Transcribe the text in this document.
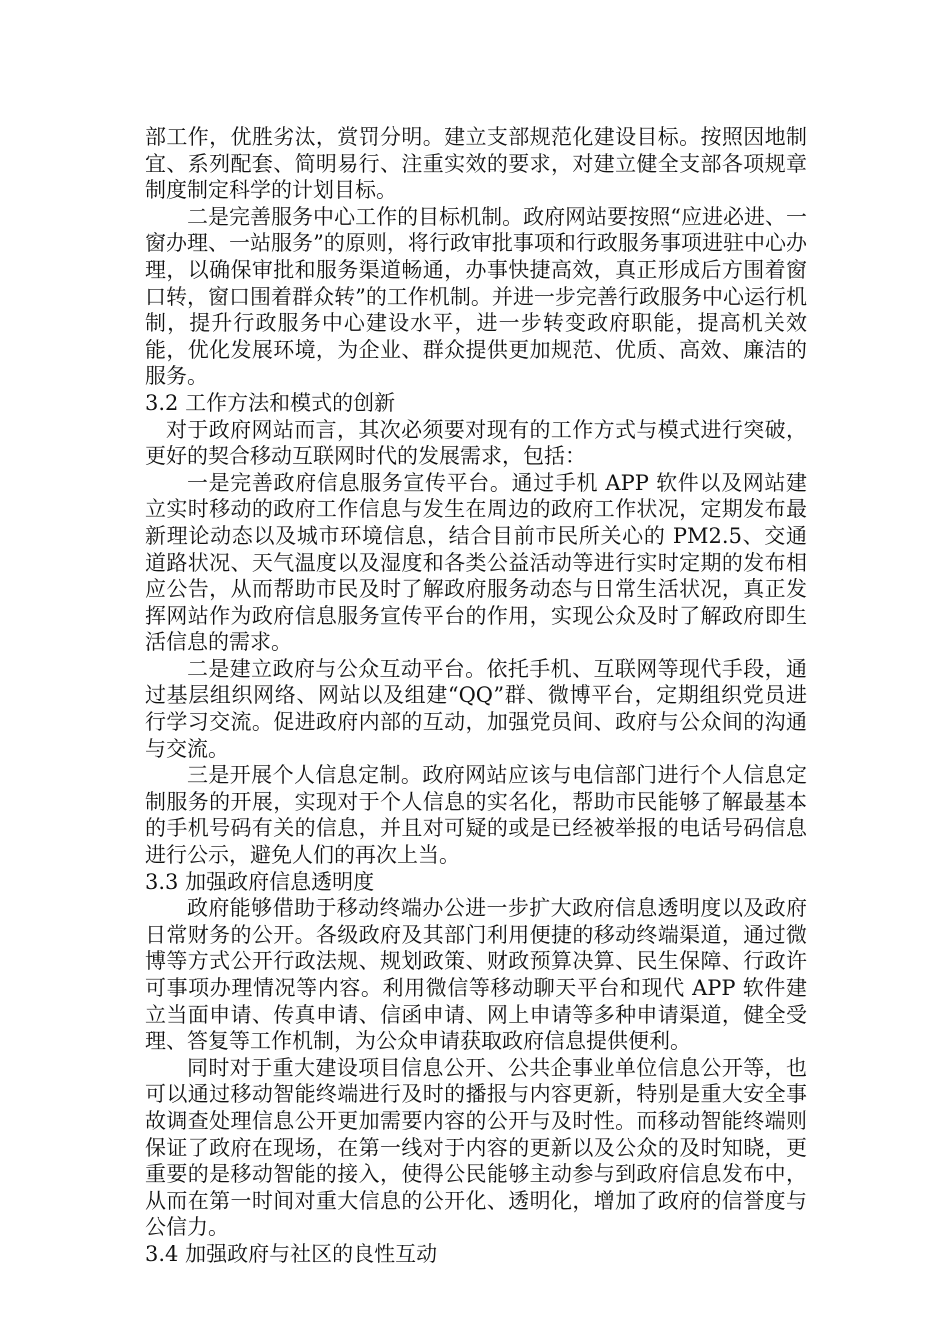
部工作，优胜劣汰，赏罚分明。建立支部规范化建设目标。按照因地制宜、系列配套、简明易行、注重实效的要求，对建立健全支部各项规章制度制定科学的计划目标。

二是完善服务中心工作的目标机制。政府网站要按照“应进必进、一窗办理、一站服务”的原则，将行政审批事项和行政服务事项进驻中心办理，以确保审批和服务渠道畅通，办事快捷高效，真正形成后方围着窗口转，窗口围着群众转”的工作机制。并进一步完善行政服务中心运行机制，提升行政服务中心建设水平，进一步转变政府职能，提高机关效能，优化发展环境，为企业、群众提供更加规范、优质、高效、廉洁的服务。

3.2 工作方法和模式的创新

对于政府网站而言，其次必须要对现有的工作方式与模式进行突破，更好的契合移动互联网时代的发展需求，包括：

一是完善政府信息服务宣传平台。通过手机 APP 软件以及网站建立实时移动的政府工作信息与发生在周边的政府工作状况，定期发布最新理论动态以及城市环境信息，结合目前市民所关心的 PM2.5、交通道路状况、天气温度以及湿度和各类公益活动等进行实时定期的发布相应公告，从而帮助市民及时了解政府服务动态与日常生活状况，真正发挥网站作为政府信息服务宣传平台的作用，实现公众及时了解政府即生活信息的需求。

二是建立政府与公众互动平台。依托手机、互联网等现代手段，通过基层组织网络、网站以及组建“QQ”群、微博平台，定期组织党员进行学习交流。促进政府内部的互动，加强党员间、政府与公众间的沟通与交流。

三是开展个人信息定制。政府网站应该与电信部门进行个人信息定制服务的开展，实现对于个人信息的实名化，帮助市民能够了解最基本的手机号码有关的信息，并且对可疑的或是已经被举报的电话号码信息进行公示，避免人们的再次上当。

3.3 加强政府信息透明度

政府能够借助于移动终端办公进一步扩大政府信息透明度以及政府日常财务的公开。各级政府及其部门利用便捷的移动终端渠道，通过微博等方式公开行政法规、规划政策、财政预算决算、民生保障、行政许可事项办理情况等内容。利用微信等移动聊天平台和现代 APP 软件建立当面申请、传真申请、信函申请、网上申请等多种申请渠道，健全受理、答复等工作机制，为公众申请获取政府信息提供便利。

同时对于重大建设项目信息公开、公共企事业单位信息公开等，也可以通过移动智能终端进行及时的播报与内容更新，特别是重大安全事故调查处理信息公开更加需要内容的公开与及时性。而移动智能终端则保证了政府在现场，在第一线对于内容的更新以及公众的及时知晓，更重要的是移动智能的接入，使得公民能够主动参与到政府信息发布中，从而在第一时间对重大信息的公开化、透明化，增加了政府的信誉度与公信力。

3.4 加强政府与社区的良性互动
